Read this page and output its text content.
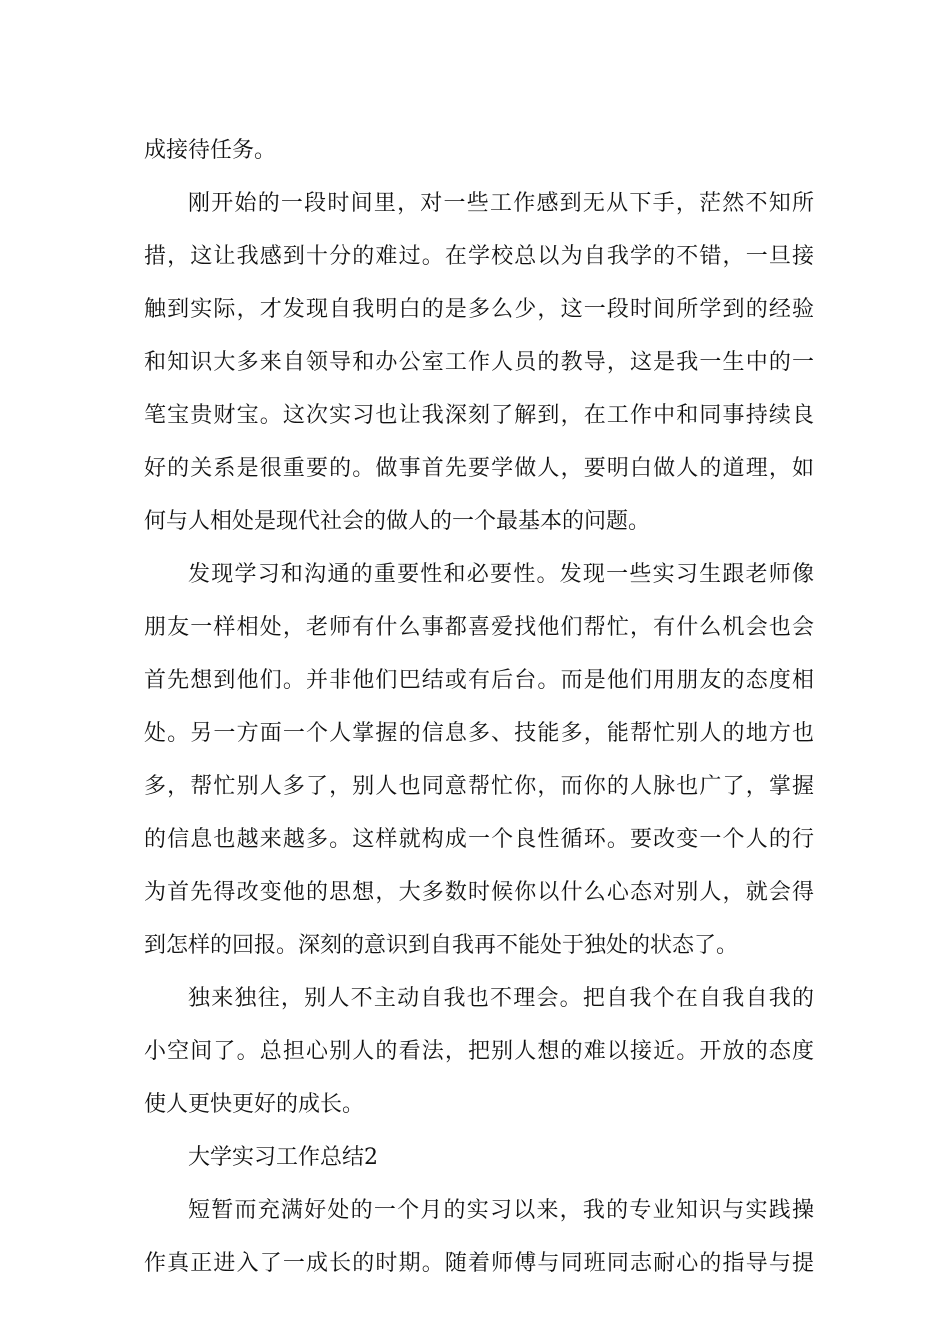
成接待任务。
刚开始的一段时间里，对一些工作感到无从下手，茫然不知所
措，这让我感到十分的难过。在学校总以为自我学的不错，一旦接
触到实际，才发现自我明白的是多么少，这一段时间所学到的经验
和知识大多来自领导和办公室工作人员的教导，这是我一生中的一
笔宝贵财宝。这次实习也让我深刻了解到，在工作中和同事持续良
好的关系是很重要的。做事首先要学做人，要明白做人的道理，如
何与人相处是现代社会的做人的一个最基本的问题。
发现学习和沟通的重要性和必要性。发现一些实习生跟老师像
朋友一样相处，老师有什么事都喜爱找他们帮忙，有什么机会也会
首先想到他们。并非他们巴结或有后台。而是他们用朋友的态度相
处。另一方面一个人掌握的信息多、技能多，能帮忙别人的地方也
多，帮忙别人多了，别人也同意帮忙你，而你的人脉也广了，掌握
的信息也越来越多。这样就构成一个良性循环。要改变一个人的行
为首先得改变他的思想，大多数时候你以什么心态对别人，就会得
到怎样的回报。深刻的意识到自我再不能处于独处的状态了。
独来独往，别人不主动自我也不理会。把自我个在自我自我的
小空间了。总担心别人的看法，把别人想的难以接近。开放的态度
使人更快更好的成长。
大学实习工作总结2
短暂而充满好处的一个月的实习以来，我的专业知识与实践操
作真正进入了一成长的时期。随着师傅与同班同志耐心的指导与提
